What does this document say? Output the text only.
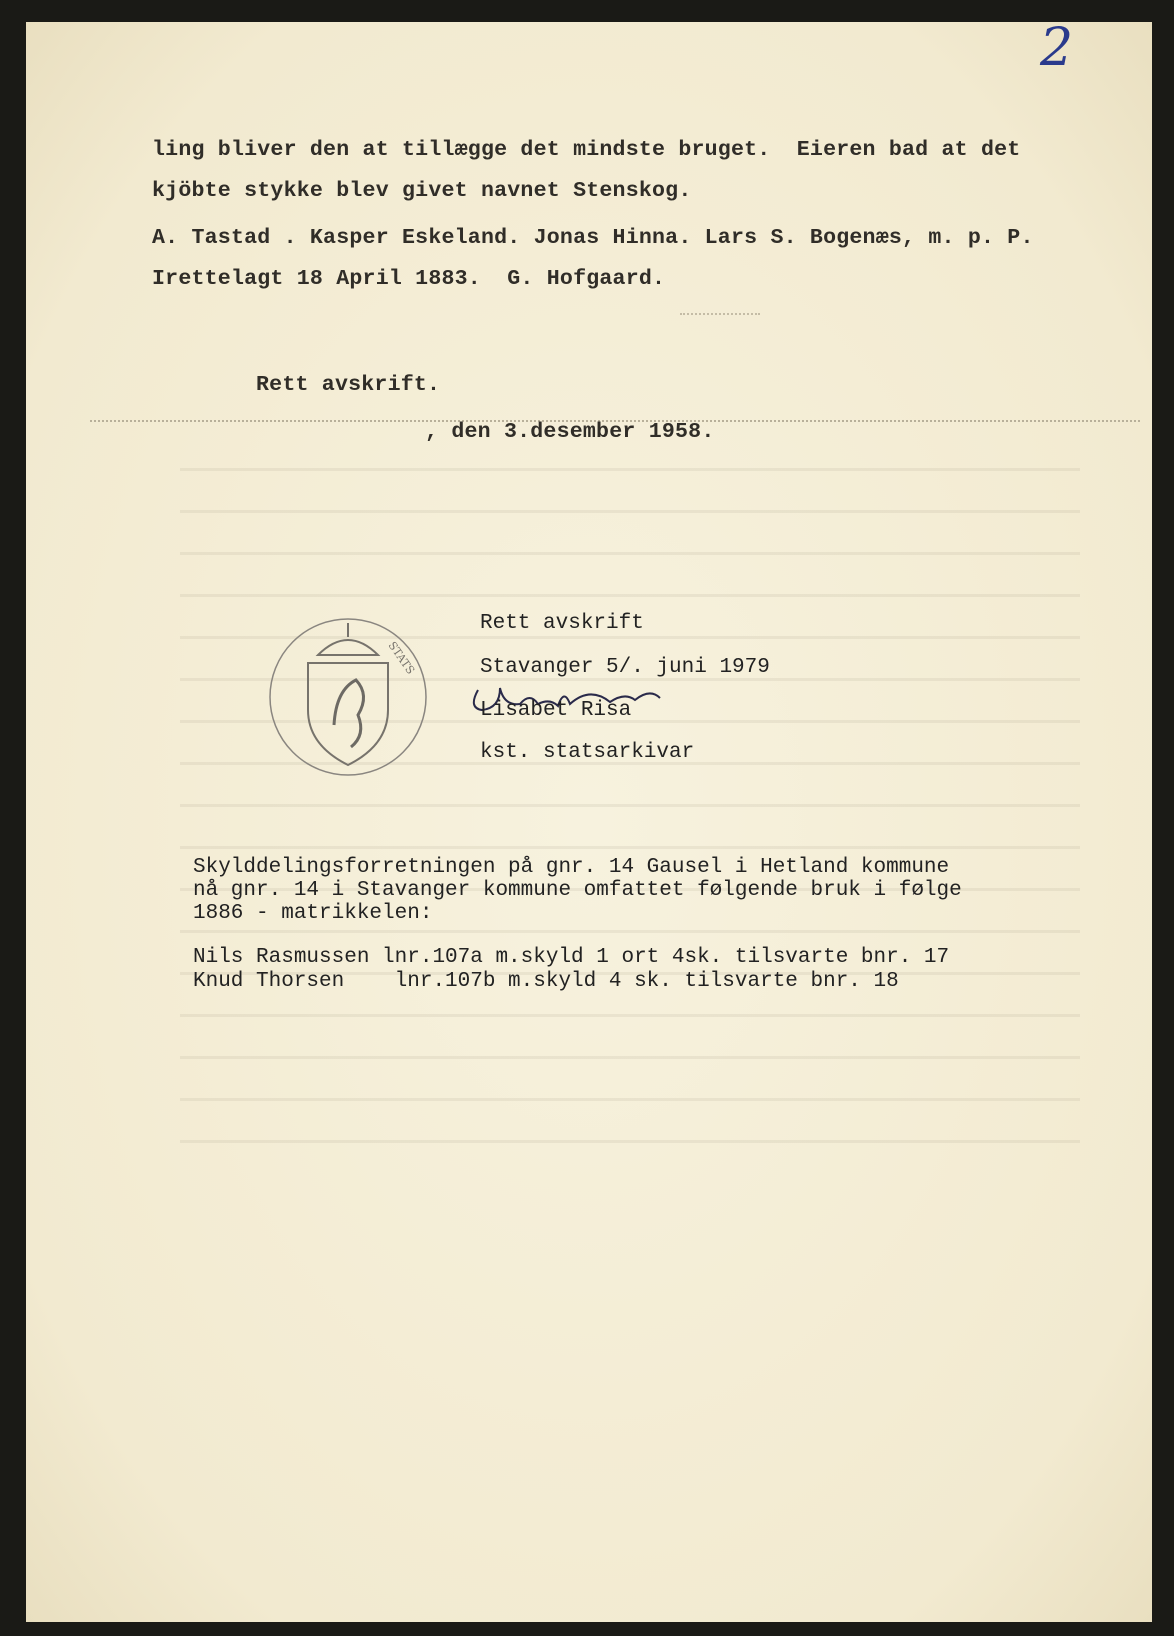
2
ling bliver den at tillægge det mindste bruget.  Eieren bad at det
kjöbte stykke blev givet navnet Stenskog.
A. Tastad . Kasper Eskeland. Jonas Hinna. Lars S. Bogenæs, m. p. P.
Irettelagt 18 April 1883.  G. Hofgaard.
Rett avskrift.
, den 3.desember 1958.
STATS
Rett avskrift
Stavanger 5/. juni 1979
Lisabet Risa
kst. statsarkivar
Skylddelingsforretningen på gnr. 14 Gausel i Hetland kommune
nå gnr. 14 i Stavanger kommune omfattet følgende bruk i følge
1886 - matrikkelen:
Nils Rasmussen lnr.107a m.skyld 1 ort 4sk. tilsvarte bnr. 17
Knud Thorsen    lnr.107b m.skyld 4 sk. tilsvarte bnr. 18
